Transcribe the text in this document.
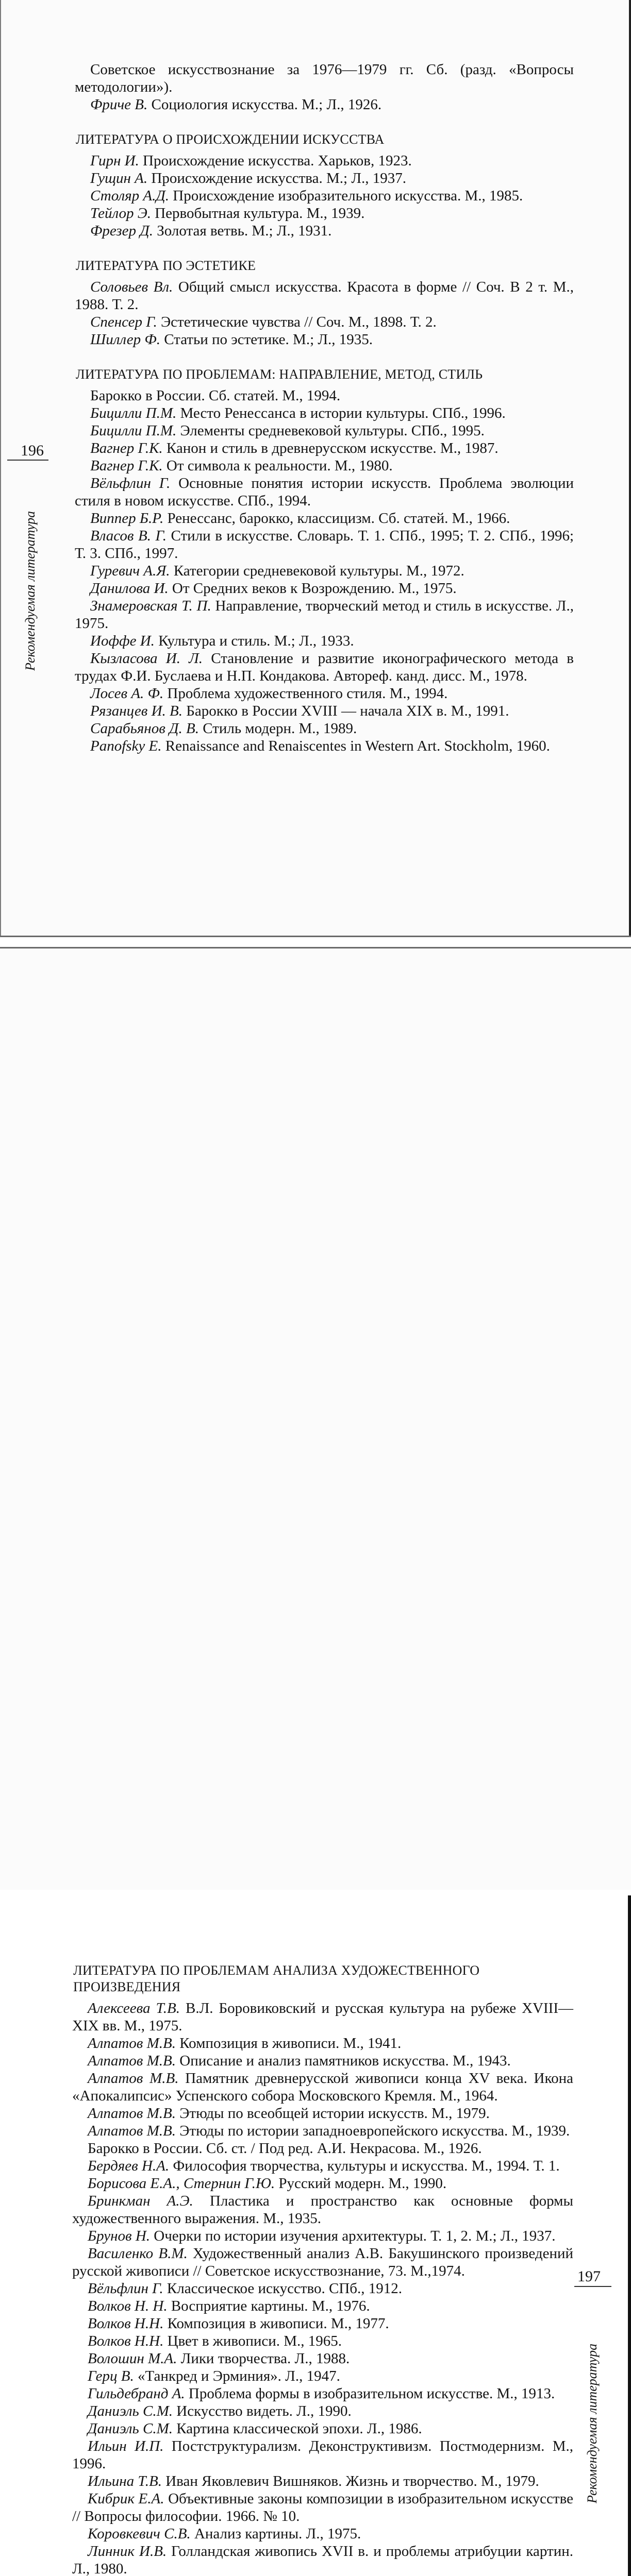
196
Рекомендуемая литература

Советское искусствознание за 1976—1979 гг. Сб. (разд. «Вопросы методологии»).

Фриче В. Социология искусства. М.; Л., 1926.

ЛИТЕРАТУРА О ПРОИСХОЖДЕНИИ ИСКУССТВА

Гирн И. Происхождение искусства. Харьков, 1923.

Гущин А. Происхождение искусства. М.; Л., 1937.

Столяр А.Д. Происхождение изобразительного искусства. М., 1985.

Тейлор Э. Первобытная культура. М., 1939.

Фрезер Д. Золотая ветвь. М.; Л., 1931.

ЛИТЕРАТУРА ПО ЭСТЕТИКЕ

Соловьев Вл. Общий смысл искусства. Красота в форме // Соч. В 2 т. М., 1988. Т. 2.

Спенсер Г. Эстетические чувства // Соч. М., 1898. Т. 2.

Шиллер Ф. Статьи по эстетике. М.; Л., 1935.

ЛИТЕРАТУРА ПО ПРОБЛЕМАМ: НАПРАВЛЕНИЕ, МЕТОД, СТИЛЬ

Барокко в России. Сб. статей. М., 1994.

Бицилли П.М. Место Ренессанса в истории культуры. СПб., 1996.

Бицилли П.М. Элементы средневековой культуры. СПб., 1995.

Вагнер Г.К. Канон и стиль в древнерусском искусстве. М., 1987.

Вагнер Г.К. От символа к реальности. М., 1980.

Вёльфлин Г. Основные понятия истории искусств. Проблема эволюции стиля в новом искусстве. СПб., 1994.

Виппер Б.Р. Ренессанс, барокко, классицизм. Сб. статей. М., 1966.

Власов В. Г. Стили в искусстве. Словарь. Т. 1. СПб., 1995; Т. 2. СПб., 1996; Т. 3. СПб., 1997.

Гуревич А.Я. Категории средневековой культуры. М., 1972.

Данилова И. От Средних веков к Возрождению. М., 1975.

Знамеровская Т. П. Направление, творческий метод и стиль в искусстве. Л., 1975.

Иоффе И. Культура и стиль. М.; Л., 1933.

Кызласова И. Л. Становление и развитие иконографического метода в трудах Ф.И. Буслаева и Н.П. Кондакова. Автореф. канд. дисс. М., 1978.

Лосев А. Ф. Проблема художественного стиля. М., 1994.

Рязанцев И. В. Барокко в России XVIII — начала XIX в. М., 1991.

Сарабьянов Д. В. Стиль модерн. М., 1989.

Panofsky E. Renaissance and Renaiscentes in Western Art. Stockholm, 1960.

197
Рекомендуемая литература

ЛИТЕРАТУРА ПО ПРОБЛЕМАМ АНАЛИЗА ХУДОЖЕСТВЕННОГО ПРОИЗВЕДЕНИЯ

Алексеева Т.В. В.Л. Боровиковский и русская культура на рубеже XVIII—XIX вв. М., 1975.

Алпатов М.В. Композиция в живописи. М., 1941.

Алпатов М.В. Описание и анализ памятников искусства. М., 1943.

Алпатов М.В. Памятник древнерусской живописи конца XV века. Икона «Апокалипсис» Успенского собора Московского Кремля. М., 1964.

Алпатов М.В. Этюды по всеобщей истории искусств. М., 1979.

Алпатов М.В. Этюды по истории западноевропейского искусства. М., 1939.

Барокко в России. Сб. ст. / Под ред. А.И. Некрасова. М., 1926.

Бердяев Н.А. Философия творчества, культуры и искусства. М., 1994. Т. 1.

Борисова Е.А., Стернин Г.Ю. Русский модерн. М., 1990.

Бринкман А.Э. Пластика и пространство как основные формы художественного выражения. М., 1935.

Брунов Н. Очерки по истории изучения архитектуры. Т. 1, 2. М.; Л., 1937.

Василенко В.М. Художественный анализ А.В. Бакушинского произведений русской живописи // Советское искусствознание, 73. М.,1974.

Вёльфлин Г. Классическое искусство. СПб., 1912.

Волков Н. Н. Восприятие картины. М., 1976.

Волков Н.Н. Композиция в живописи. М., 1977.

Волков Н.Н. Цвет в живописи. М., 1965.

Волошин М.А. Лики творчества. Л., 1988.

Герц В. «Танкред и Эрминия». Л., 1947.

Гильдебранд А. Проблема формы в изобразительном искусстве. М., 1913.

Даниэль С.М. Искусство видеть. Л., 1990.

Даниэль С.М. Картина классической эпохи. Л., 1986.

Ильин И.П. Постструктурализм. Деконструктивизм. Постмодернизм. М., 1996.

Ильина Т.В. Иван Яковлевич Вишняков. Жизнь и творчество. М., 1979.

Кибрик Е.А. Объективные законы композиции в изобразительном искусстве // Вопросы философии. 1966. № 10.

Коровкевич С.В. Анализ картины. Л., 1975.

Линник И.В. Голландская живопись XVII в. и проблемы атрибуции картин. Л., 1980.
